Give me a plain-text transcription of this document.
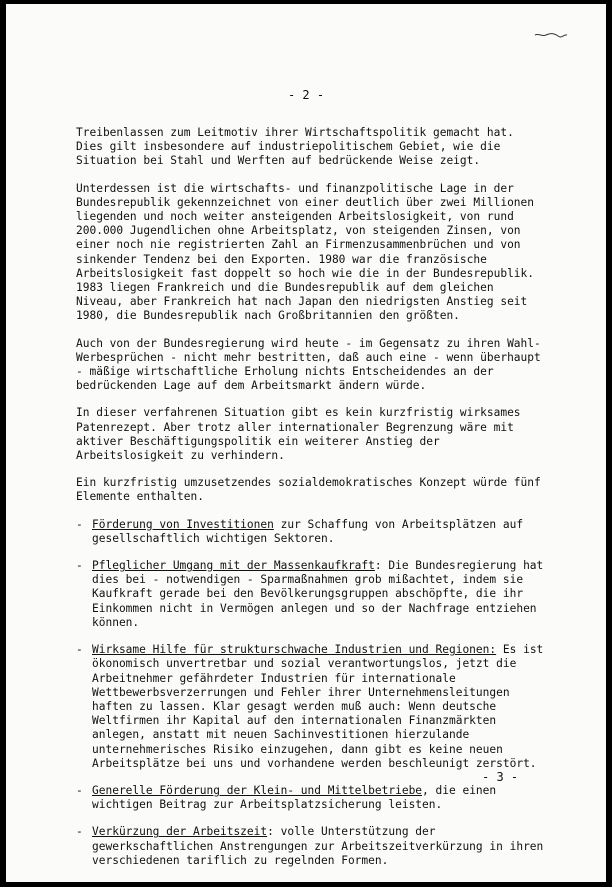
- 2 -

Treibenlassen zum Leitmotiv ihrer Wirtschaftspolitik gemacht hat. Dies gilt insbesondere auf industriepolitischem Gebiet, wie die Situation bei Stahl und Werften auf bedrückende Weise zeigt.

Unterdessen ist die wirtschafts- und finanzpolitische Lage in der Bundesrepublik gekennzeichnet von einer deutlich über zwei Millionen liegenden und noch weiter ansteigenden Arbeitslosigkeit, von rund 200.000 Jugendlichen ohne Arbeitsplatz, von steigenden Zinsen, von einer noch nie registrierten Zahl an Firmenzusammenbrüchen und von sinkender Tendenz bei den Exporten. 1980 war die französische Arbeitslosigkeit fast doppelt so hoch wie die in der Bundesrepublik. 1983 liegen Frankreich und die Bundesrepublik auf dem gleichen Niveau, aber Frankreich hat nach Japan den niedrigsten Anstieg seit 1980, die Bundesrepublik nach Großbritannien den größten.

Auch von der Bundesregierung wird heute - im Gegensatz zu ihren Wahl-Werbesprüchen - nicht mehr bestritten, daß auch eine - wenn überhaupt - mäßige wirtschaftliche Erholung nichts Entscheidendes an der bedrückenden Lage auf dem Arbeitsmarkt ändern würde.

In dieser verfahrenen Situation gibt es kein kurzfristig wirksames Patenrezept. Aber trotz aller internationaler Begrenzung wäre mit aktiver Beschäftigungspolitik ein weiterer Anstieg der Arbeitslosigkeit zu verhindern.

Ein kurzfristig umzusetzendes sozialdemokratisches Konzept würde fünf Elemente enthalten.

- Förderung von Investitionen zur Schaffung von Arbeitsplätzen auf gesellschaftlich wichtigen Sektoren.
- Pfleglicher Umgang mit der Massenkaufkraft: Die Bundesregierung hat dies bei - notwendigen - Sparmaßnahmen grob mißachtet, indem sie Kaufkraft gerade bei den Bevölkerungsgruppen abschöpfte, die ihr Einkommen nicht in Vermögen anlegen und so der Nachfrage entziehen können.
- Wirksame Hilfe für strukturschwache Industrien und Regionen: Es ist ökonomisch unvertretbar und sozial verantwortungslos, jetzt die Arbeitnehmer gefährdeter Industrien für internationale Wettbewerbsverzerrungen und Fehler ihrer Unternehmensleitungen haften zu lassen. Klar gesagt werden muß auch: Wenn deutsche Weltfirmen ihr Kapital auf den internationalen Finanzmärkten anlegen, anstatt mit neuen Sachinvestitionen hierzulande unternehmerisches Risiko einzugehen, dann gibt es keine neuen Arbeitsplätze bei uns und vorhandene werden beschleunigt zerstört.
- Generelle Förderung der Klein- und Mittelbetriebe, die einen wichtigen Beitrag zur Arbeitsplatzsicherung leisten.
- Verkürzung der Arbeitszeit: volle Unterstützung der gewerkschaftlichen Anstrengungen zur Arbeitszeitverkürzung in ihren verschiedenen tariflich zu regelnden Formen.
- 3 -
